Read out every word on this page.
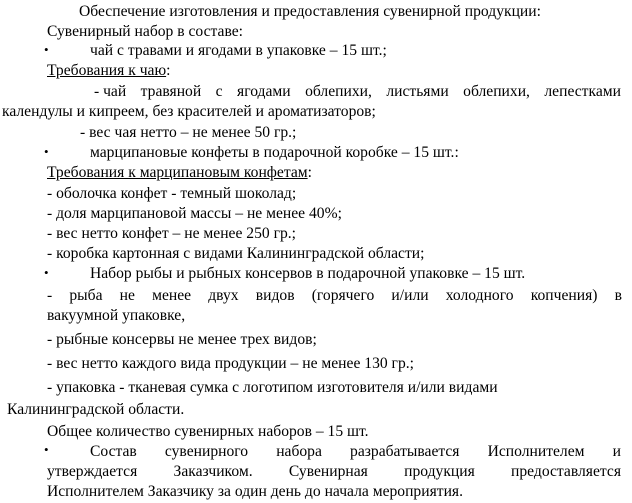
Обеспечение изготовления и предоставления сувенирной продукции:
Сувенирный набор в составе:
•	чай с травами и ягодами в упаковке – 15 шт.;
Требования к чаю:
- чай травяной с ягодами облепихи, листьями облепихи, лепестками
календулы и кипреем, без красителей и ароматизаторов;
- вес чая нетто – не менее 50 гр.;
•	марципановые конфеты в подарочной коробке – 15 шт.:
Требования к марципановым конфетам:
- оболочка конфет - темный шоколад;
- доля марципановой массы – не менее 40%;
- вес нетто конфет – не менее 250 гр.;
- коробка картонная с видами Калининградской области;
•	Набор рыбы и рыбных консервов в подарочной упаковке – 15 шт.
- рыба не менее двух видов (горячего и/или холодного копчения) в
вакуумной упаковке,
- рыбные консервы не менее трех видов;
- вес нетто каждого вида продукции – не менее 130 гр.;
- упаковка - тканевая сумка с логотипом изготовителя и/или видами
Калининградской области.
Общее количество сувенирных наборов – 15 шт.
•	Состав сувенирного набора разрабатывается Исполнителем и
утверждается Заказчиком. Сувенирная продукция предоставляется
Исполнителем Заказчику за один день до начала мероприятия.
